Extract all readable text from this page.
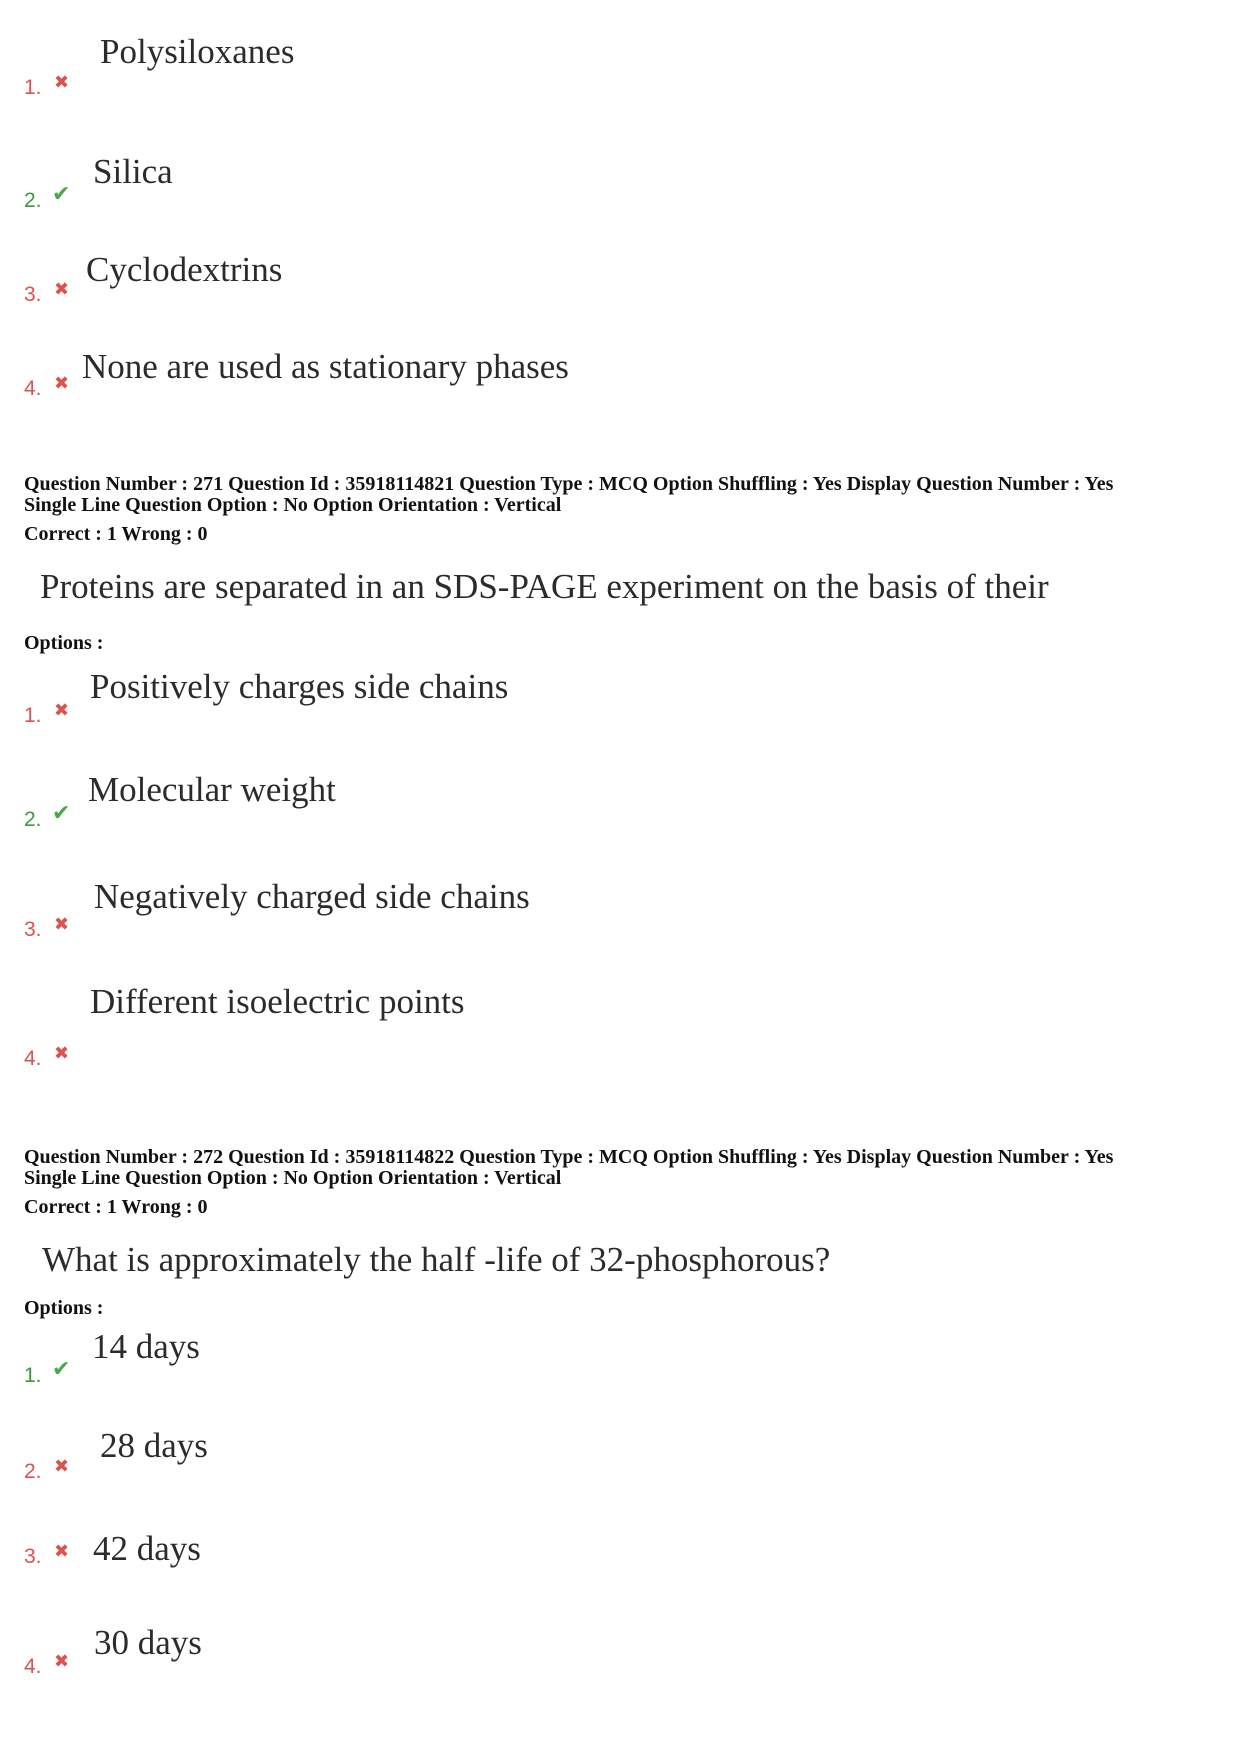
Polysiloxanes
1. ✖
Silica
2. ✔
Cyclodextrins
3. ✖
None are used as stationary phases
4. ✖
Question Number : 271 Question Id : 35918114821 Question Type : MCQ Option Shuffling : Yes Display Question Number : Yes
Single Line Question Option : No Option Orientation : Vertical
Correct : 1 Wrong : 0
Proteins are separated in an SDS-PAGE experiment on the basis of their
Options :
Positively charges side chains
1. ✖
Molecular weight
2. ✔
Negatively charged side chains
3. ✖
Different isoelectric points
4. ✖
Question Number : 272 Question Id : 35918114822 Question Type : MCQ Option Shuffling : Yes Display Question Number : Yes
Single Line Question Option : No Option Orientation : Vertical
Correct : 1 Wrong : 0
What is approximately the half -life of 32-phosphorous?
Options :
14 days
1. ✔
28 days
2. ✖
42 days
3. ✖
30 days
4. ✖
